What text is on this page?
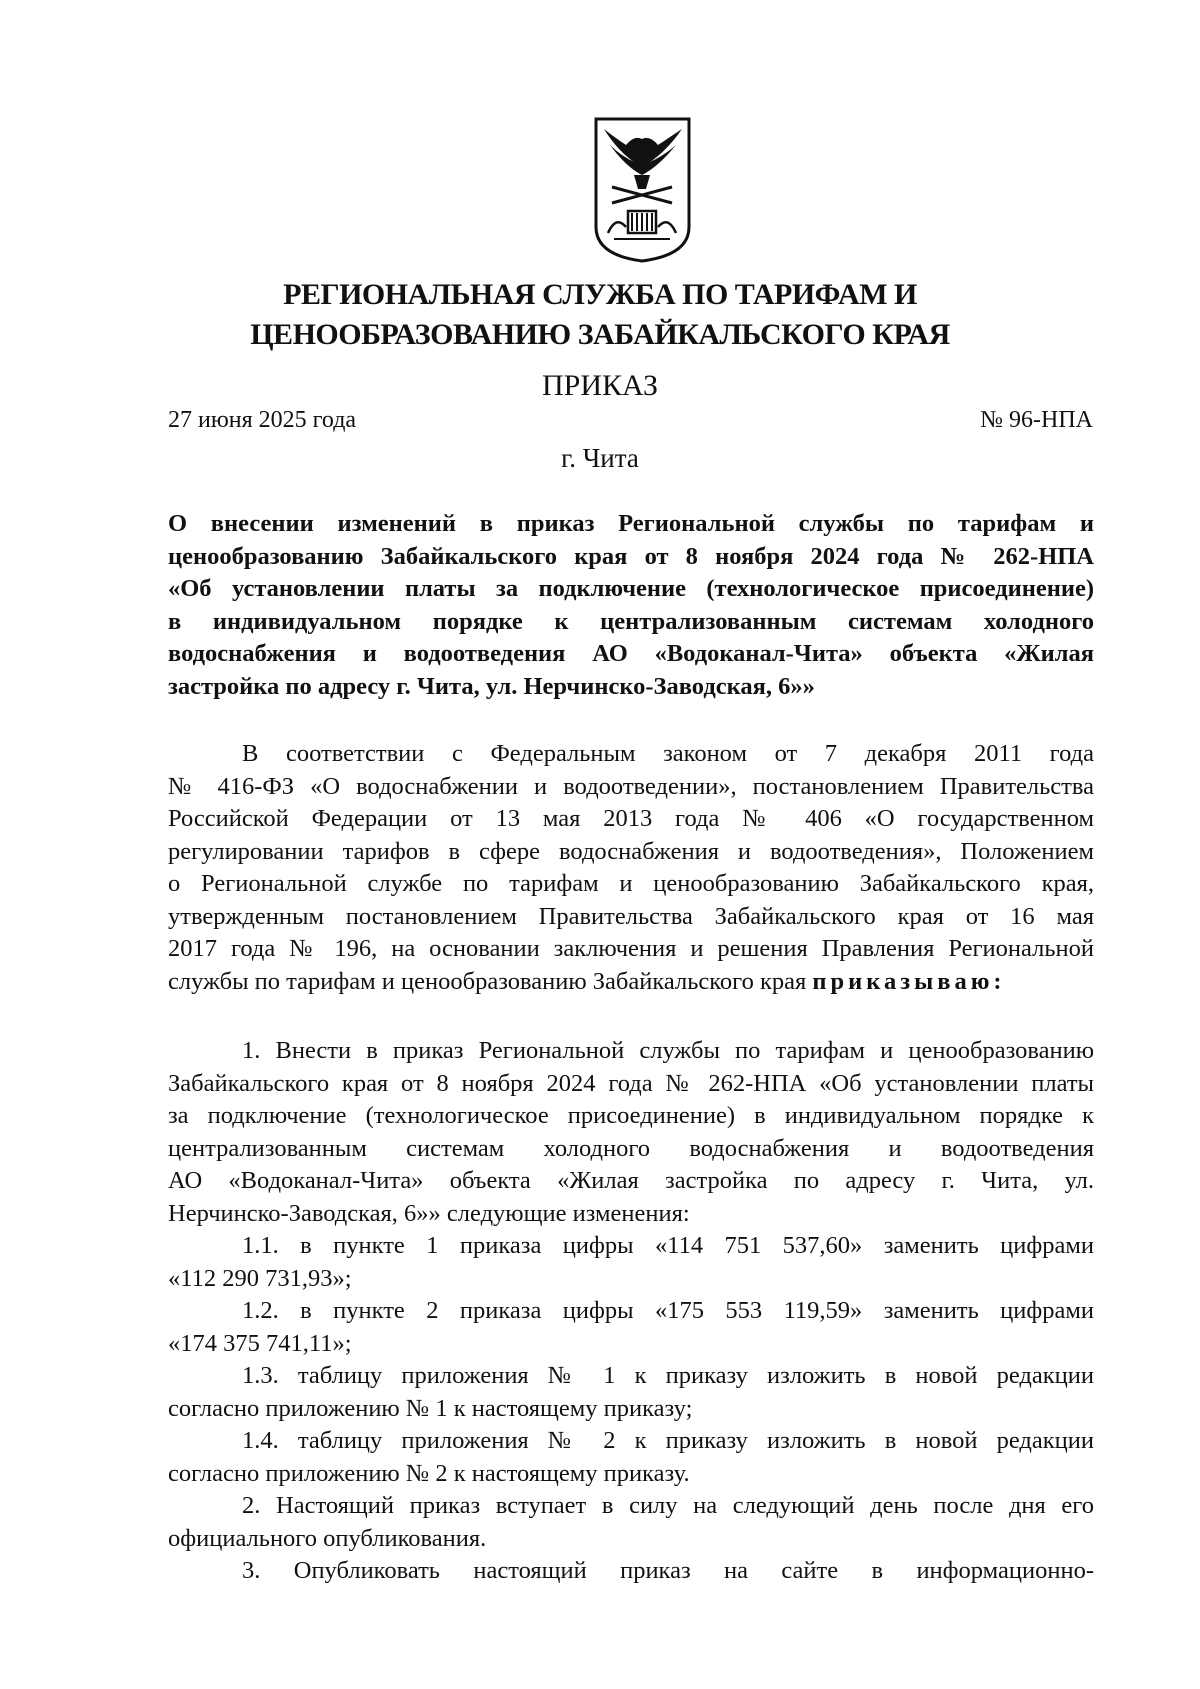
РЕГИОНАЛЬНАЯ СЛУЖБА ПО ТАРИФАМ И
ЦЕНООБРАЗОВАНИЮ ЗАБАЙКАЛЬСКОГО КРАЯ
ПРИКАЗ
27 июня 2025 года	№ 96-НПА
г. Чита
О внесении изменений в приказ Региональной службы по тарифам и
ценообразованию Забайкальского края от 8 ноября 2024 года № 262-НПА
«Об установлении платы за подключение (технологическое присоединение)
в индивидуальном порядке к централизованным системам холодного
водоснабжения и водоотведения АО «Водоканал-Чита» объекта «Жилая
застройка по адресу г. Чита, ул. Нерчинско-Заводская, 6»»
В соответствии с Федеральным законом от 7 декабря 2011 года
№ 416-ФЗ «О водоснабжении и водоотведении», постановлением Правительства
Российской Федерации от 13 мая 2013 года № 406 «О государственном
регулировании тарифов в сфере водоснабжения и водоотведения», Положением
о Региональной службе по тарифам и ценообразованию Забайкальского края,
утвержденным постановлением Правительства Забайкальского края от 16 мая
2017 года № 196, на основании заключения и решения Правления Региональной
службы по тарифам и ценообразованию Забайкальского края приказываю:
1. Внести в приказ Региональной службы по тарифам и ценообразованию
Забайкальского края от 8 ноября 2024 года № 262-НПА «Об установлении платы
за подключение (технологическое присоединение) в индивидуальном порядке к
централизованным системам холодного водоснабжения и водоотведения
АО «Водоканал-Чита» объекта «Жилая застройка по адресу г. Чита, ул.
Нерчинско-Заводская, 6»» следующие изменения:
1.1. в пункте 1 приказа цифры «114 751 537,60» заменить цифрами
«112 290 731,93»;
1.2. в пункте 2 приказа цифры «175 553 119,59» заменить цифрами
«174 375 741,11»;
1.3. таблицу приложения № 1 к приказу изложить в новой редакции
согласно приложению № 1 к настоящему приказу;
1.4. таблицу приложения № 2 к приказу изложить в новой редакции
согласно приложению № 2 к настоящему приказу.
2. Настоящий приказ вступает в силу на следующий день после дня его
официального опубликования.
3. Опубликовать настоящий приказ на сайте в информационно-
